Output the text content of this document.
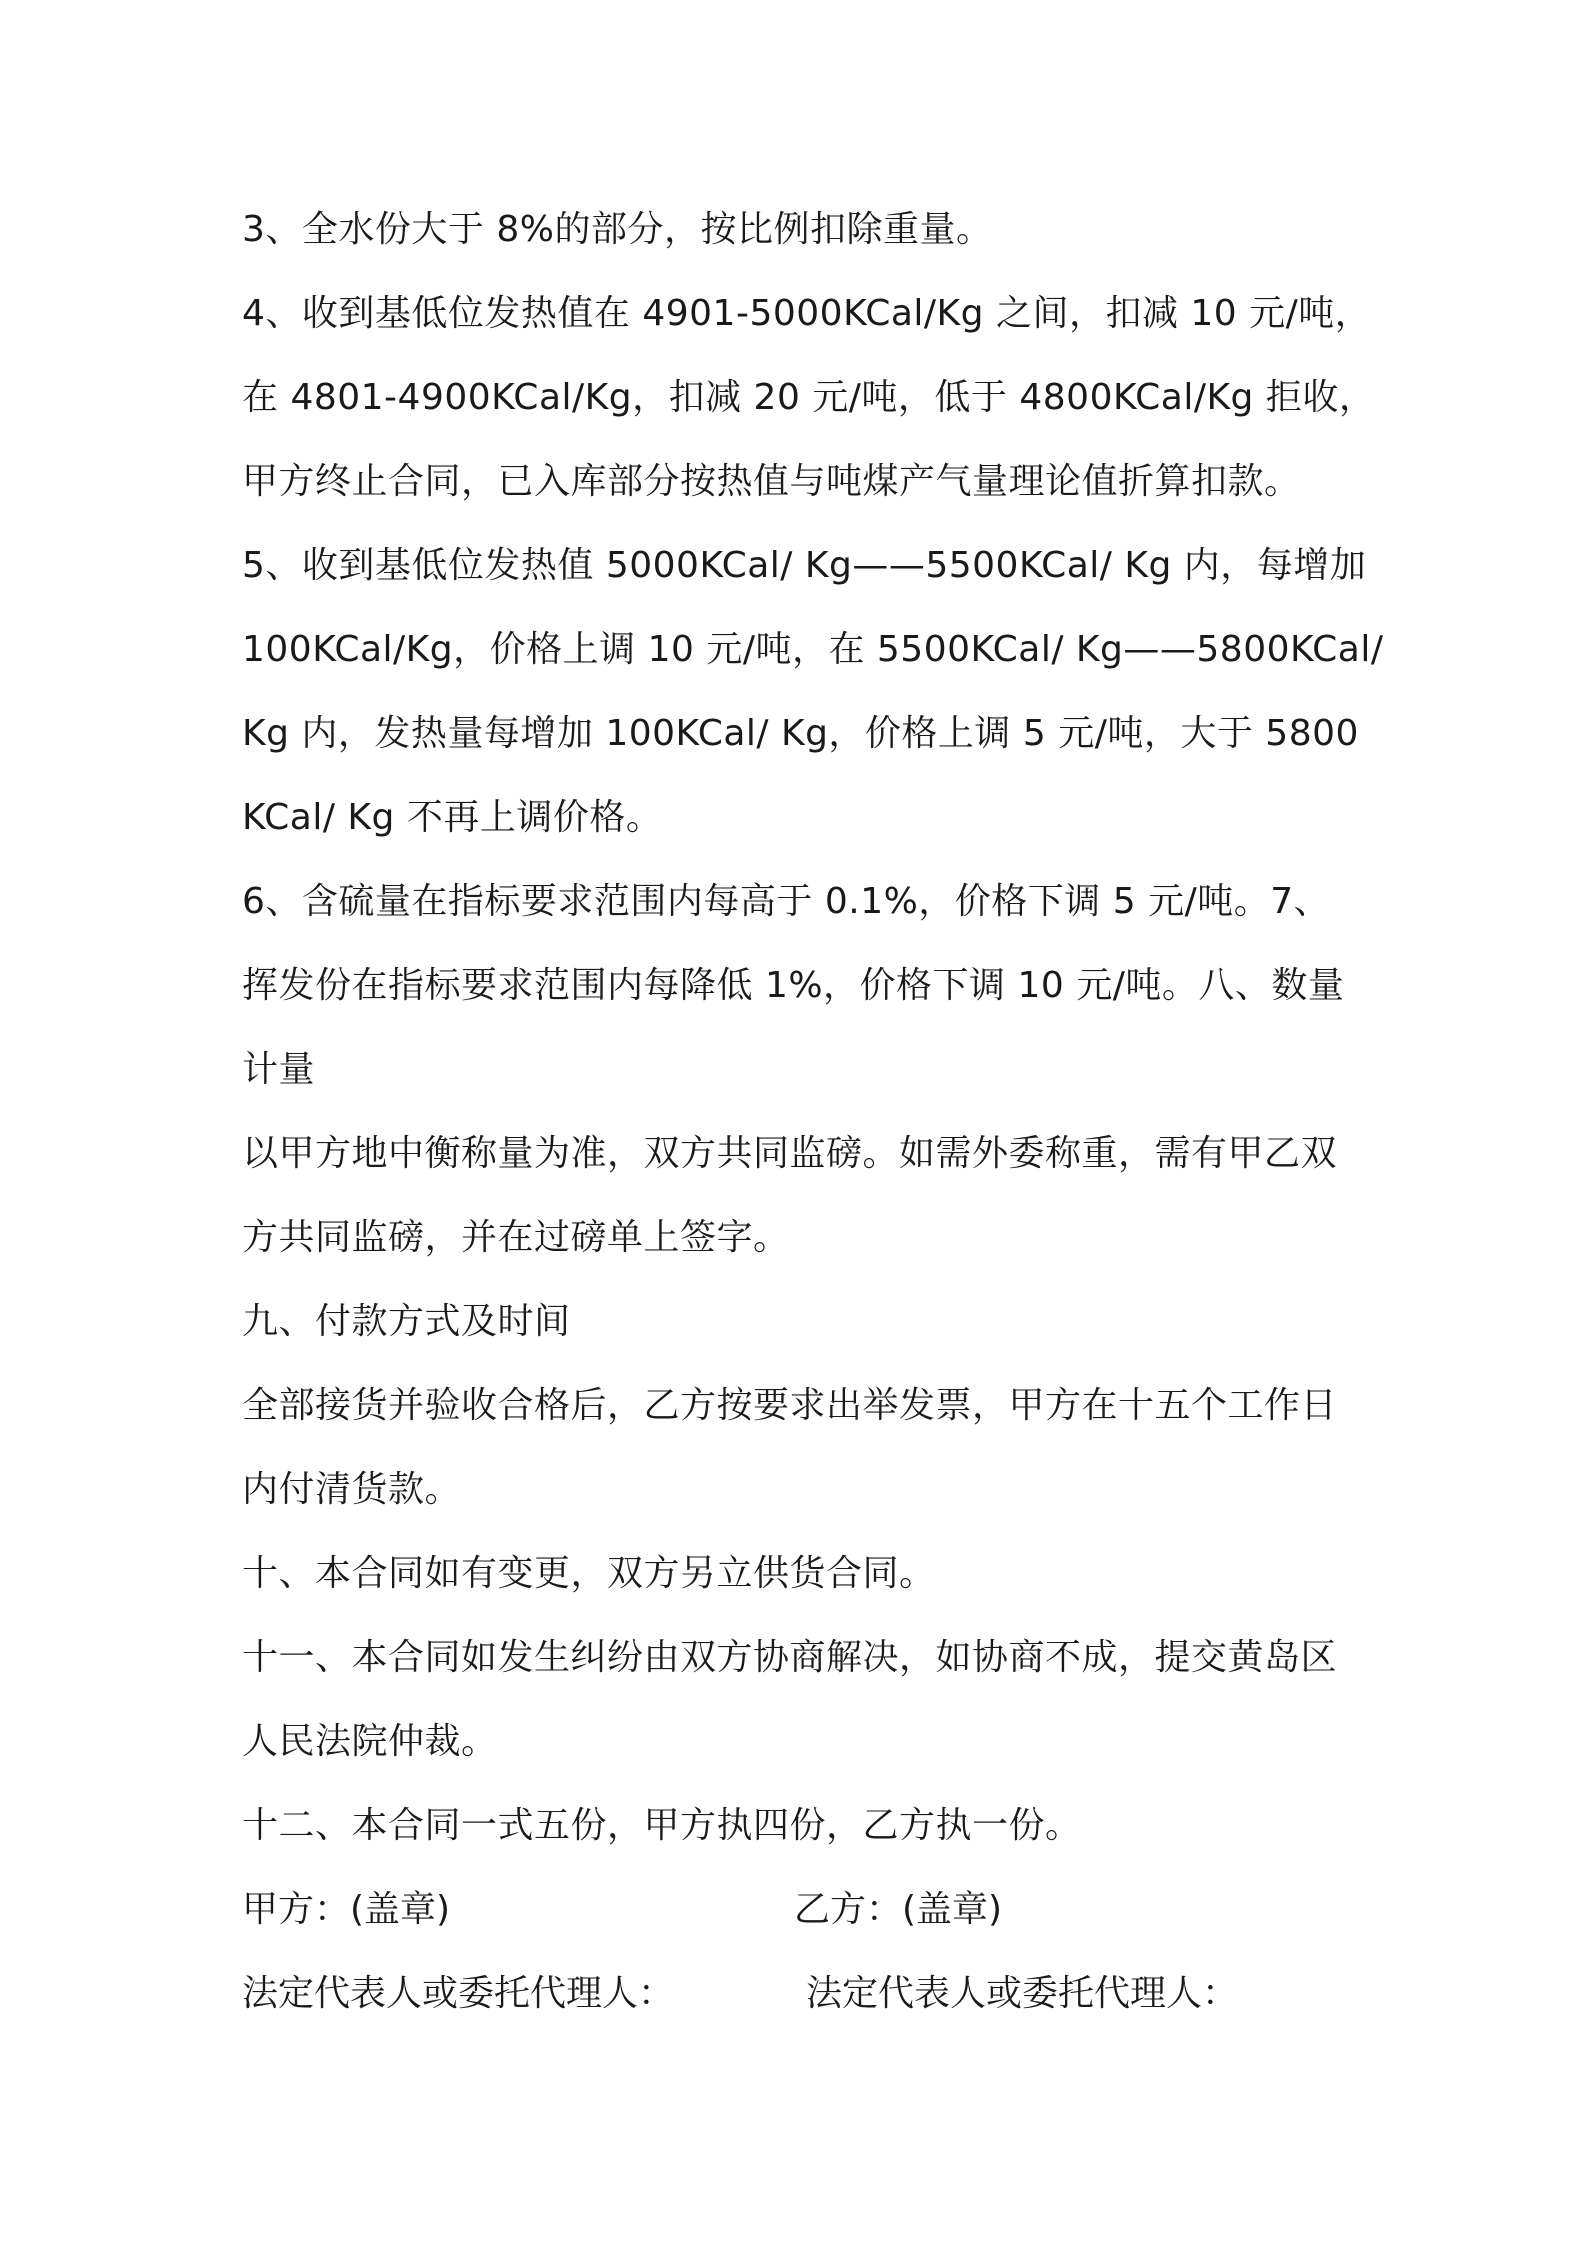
3、全水份大于 8%的部分，按比例扣除重量。
4、收到基低位发热值在 4901-5000KCal/Kg 之间，扣减 10 元/吨，
在 4801-4900KCal/Kg，扣减 20 元/吨，低于 4800KCal/Kg 拒收，
甲方终止合同，已入库部分按热值与吨煤产气量理论值折算扣款。
5、收到基低位发热值 5000KCal/ Kg——5500KCal/ Kg 内，每增加
100KCal/Kg，价格上调 10 元/吨，在 5500KCal/ Kg——5800KCal/
Kg 内，发热量每增加 100KCal/ Kg，价格上调 5 元/吨，大于 5800
KCal/ Kg 不再上调价格。
6、含硫量在指标要求范围内每高于 0.1%，价格下调 5 元/吨。7、
挥发份在指标要求范围内每降低 1%，价格下调 10 元/吨。八、数量
计量
以甲方地中衡称量为准，双方共同监磅。如需外委称重，需有甲乙双
方共同监磅，并在过磅单上签字。
九、付款方式及时间
全部接货并验收合格后，乙方按要求出举发票，甲方在十五个工作日
内付清货款。
十、本合同如有变更，双方另立供货合同。
十一、本合同如发生纠纷由双方协商解决，如协商不成，提交黄岛区
人民法院仲裁。
十二、本合同一式五份，甲方执四份，乙方执一份。
甲方：(盖章)	乙方：(盖章)
法定代表人或委托代理人：	法定代表人或委托代理人：
